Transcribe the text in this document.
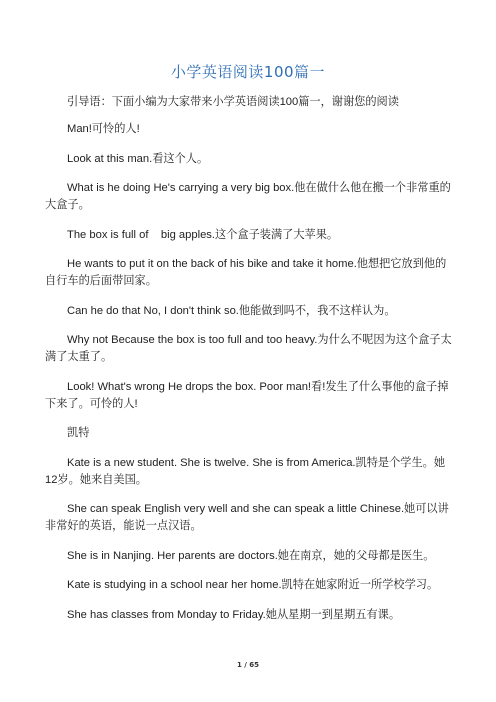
小学英语阅读100篇一

引导语：下面小编为大家带来小学英语阅读100篇一，谢谢您的阅读

Man!可怜的人!

Look at this man.看这个人。

What is he doing He's carrying a very big box.他在做什么他在搬一个非常重的大盒子。

The box is full of    big apples.这个盒子装满了大苹果。

He wants to put it on the back of his bike and take it home.他想把它放到他的自行车的后面带回家。

Can he do that No, I don't think so.他能做到吗不，我不这样认为。

Why not Because the box is too full and too heavy.为什么不呢因为这个盒子太满了太重了。

Look! What's wrong He drops the box. Poor man!看!发生了什么事他的盒子掉下来了。可怜的人!

凯特

Kate is a new student. She is twelve. She is from America.凯特是个学生。她 12岁。她来自美国。

She can speak English very well and she can speak a little Chinese.她可以讲非常好的英语，能说一点汉语。

She is in Nanjing. Her parents are doctors.她在南京，她的父母都是医生。

Kate is studying in a school near her home.凯特在她家附近一所学校学习。

She has classes from Monday to Friday.她从星期一到星期五有课。

1 / 65
